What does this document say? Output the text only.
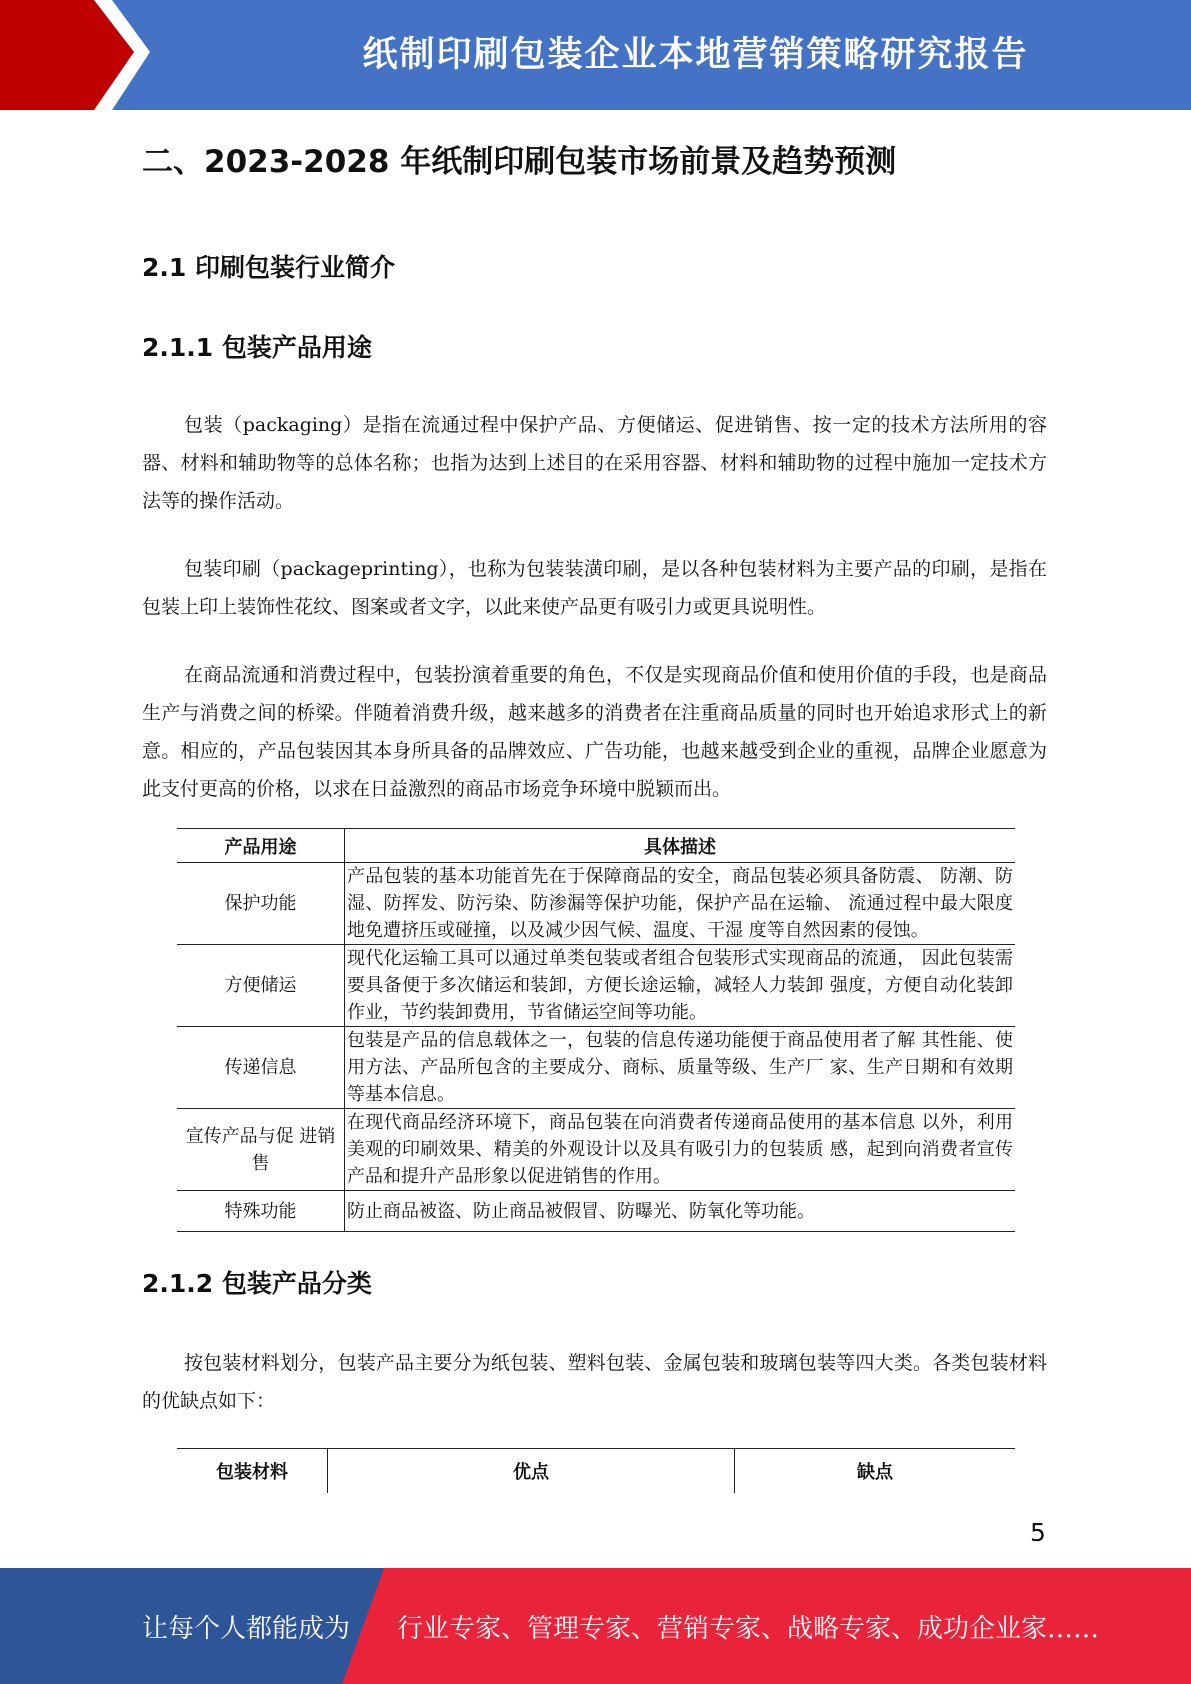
纸制印刷包装企业本地营销策略研究报告
二、2023-2028 年纸制印刷包装市场前景及趋势预测
2.1 印刷包装行业简介
2.1.1 包装产品用途

包装（packaging）是指在流通过程中保护产品、方便储运、促进销售、按一定的技术方法所用的容器、材料和辅助物等的总体名称；也指为达到上述目的在采用容器、材料和辅助物的过程中施加一定技术方法等的操作活动。

包装印刷（packageprinting），也称为包装装潢印刷，是以各种包装材料为主要产品的印刷，是指在包装上印上装饰性花纹、图案或者文字，以此来使产品更有吸引力或更具说明性。

在商品流通和消费过程中，包装扮演着重要的角色，不仅是实现商品价值和使用价值的手段，也是商品生产与消费之间的桥梁。伴随着消费升级，越来越多的消费者在注重商品质量的同时也开始追求形式上的新意。相应的，产品包装因其本身所具备的品牌效应、广告功能，也越来越受到企业的重视，品牌企业愿意为此支付更高的价格，以求在日益激烈的商品市场竞争环境中脱颖而出。

产品用途	具体描述
保护功能	产品包装的基本功能首先在于保障商品的安全，商品包装必须具备防震、 防潮、防湿、防挥发、防污染、防渗漏等保护功能，保护产品在运输、 流通过程中最大限度地免遭挤压或碰撞，以及减少因气候、温度、干湿 度等自然因素的侵蚀。
方便储运	现代化运输工具可以通过单类包装或者组合包装形式实现商品的流通， 因此包装需要具备便于多次储运和装卸，方便长途运输，减轻人力装卸 强度，方便自动化装卸作业，节约装卸费用，节省储运空间等功能。
传递信息	包装是产品的信息载体之一，包装的信息传递功能便于商品使用者了解 其性能、使用方法、产品所包含的主要成分、商标、质量等级、生产厂 家、生产日期和有效期等基本信息。
宣传产品与促 进销售	在现代商品经济环境下，商品包装在向消费者传递商品使用的基本信息 以外，利用美观的印刷效果、精美的外观设计以及具有吸引力的包装质 感，起到向消费者宣传产品和提升产品形象以促进销售的作用。
特殊功能	防止商品被盗、防止商品被假冒、防曝光、防氧化等功能。
2.1.2 包装产品分类

按包装材料划分，包装产品主要分为纸包装、塑料包装、金属包装和玻璃包装等四大类。各类包装材料的优缺点如下：

包装材料	优点	缺点
5
让每个人都能成为 行业专家、管理专家、营销专家、战略专家、成功企业家……
